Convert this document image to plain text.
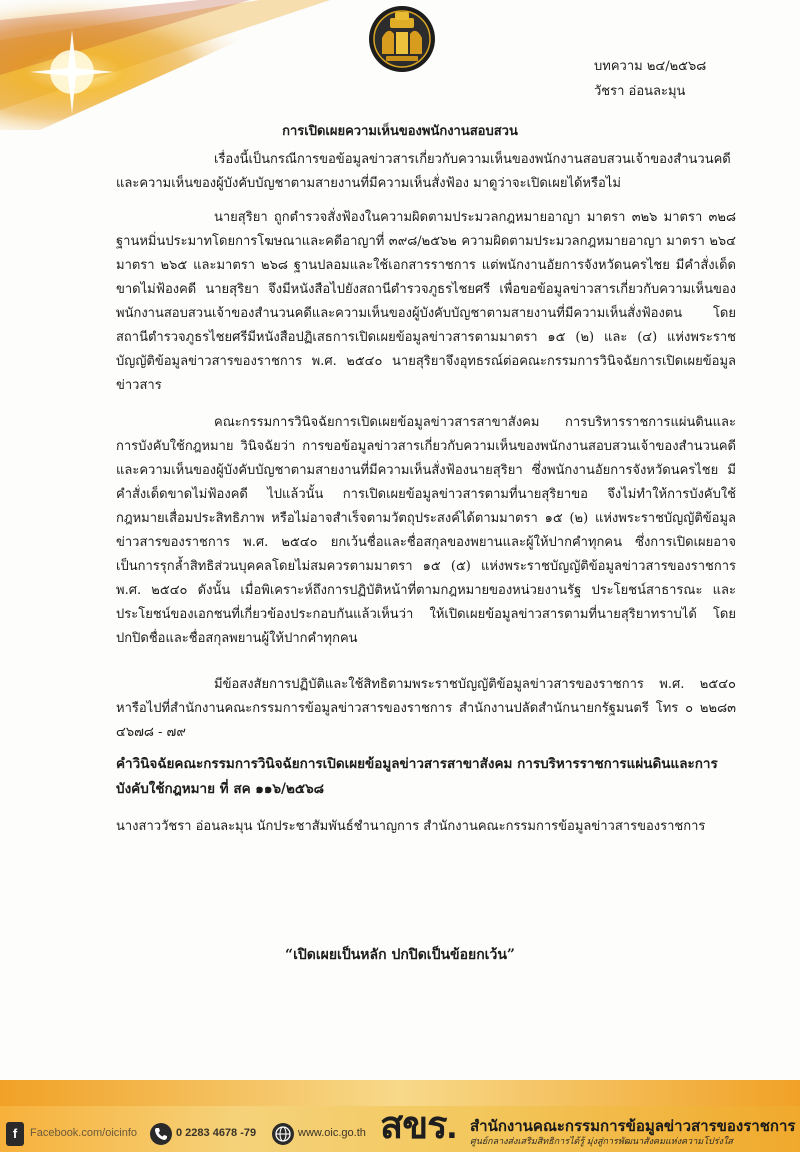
บทความ ๒๔/๒๕๖๘
วัชรา อ่อนละมุน
การเปิดเผยความเห็นของพนักงานสอบสวน

เรื่องนี้เป็นกรณีการขอข้อมูลข่าวสารเกี่ยวกับความเห็นของพนักงานสอบสวนเจ้าของสำนวนคดีและความเห็นของผู้บังคับบัญชาตามสายงานที่มีความเห็นสั่งฟ้อง มาดูว่าจะเปิดเผยได้หรือไม่

นายสุริยา ถูกตำรวจสั่งฟ้องในความผิดตามประมวลกฎหมายอาญา มาตรา ๓๒๖ มาตรา ๓๒๘ ฐานหมิ่นประมาทโดยการโฆษณาและคดีอาญาที่ ๓๙๘/๒๕๖๒ ความผิดตามประมวลกฎหมายอาญา มาตรา ๒๖๔ มาตรา ๒๖๕ และมาตรา ๒๖๘ ฐานปลอมและใช้เอกสารราชการ แต่พนักงานอัยการจังหวัดนครไชย มีคำสั่งเด็ดขาดไม่ฟ้องคดี นายสุริยา จึงมีหนังสือไปยังสถานีตำรวจภูธรไชยศรี เพื่อขอข้อมูลข่าวสารเกี่ยวกับความเห็นของพนักงานสอบสวนเจ้าของสำนวนคดีและความเห็นของผู้บังคับบัญชาตามสายงานที่มีความเห็นสั่งฟ้องตน โดยสถานีตำรวจภูธรไชยศรีมีหนังสือปฏิเสธการเปิดเผยข้อมูลข่าวสารตามมาตรา ๑๕ (๒) และ (๔) แห่งพระราชบัญญัติข้อมูลข่าวสารของราชการ พ.ศ. ๒๕๔๐ นายสุริยาจึงอุทธรณ์ต่อคณะกรรมการวินิจฉัยการเปิดเผยข้อมูลข่าวสาร

คณะกรรมการวินิจฉัยการเปิดเผยข้อมูลข่าวสารสาขาสังคม การบริหารราชการแผ่นดินและการบังคับใช้กฎหมาย วินิจฉัยว่า การขอข้อมูลข่าวสารเกี่ยวกับความเห็นของพนักงานสอบสวนเจ้าของสำนวนคดีและความเห็นของผู้บังคับบัญชาตามสายงานที่มีความเห็นสั่งฟ้องนายสุริยา ซึ่งพนักงานอัยการจังหวัดนครไชย มีคำสั่งเด็ดขาดไม่ฟ้องคดี ไปแล้วนั้น การเปิดเผยข้อมูลข่าวสารตามที่นายสุริยาขอ จึงไม่ทำให้การบังคับใช้กฎหมายเสื่อมประสิทธิภาพ หรือไม่อาจสำเร็จตามวัตถุประสงค์ได้ตามมาตรา ๑๕ (๒) แห่งพระราชบัญญัติข้อมูลข่าวสารของราชการ พ.ศ. ๒๕๔๐ ยกเว้นชื่อและชื่อสกุลของพยานและผู้ให้ปากคำทุกคน ซึ่งการเปิดเผยอาจเป็นการรุกล้ำสิทธิส่วนบุคคลโดยไม่สมควรตามมาตรา ๑๕ (๕) แห่งพระราชบัญญัติข้อมูลข่าวสารของราชการ พ.ศ. ๒๕๔๐ ดังนั้น เมื่อพิเคราะห์ถึงการปฏิบัติหน้าที่ตามกฎหมายของหน่วยงานรัฐ ประโยชน์สาธารณะ และประโยชน์ของเอกชนที่เกี่ยวข้องประกอบกันแล้วเห็นว่า ให้เปิดเผยข้อมูลข่าวสารตามที่นายสุริยาทราบได้ โดยปกปิดชื่อและชื่อสกุลพยานผู้ให้ปากคำทุกคน

มีข้อสงสัยการปฏิบัติและใช้สิทธิตามพระราชบัญญัติข้อมูลข่าวสารของราชการ พ.ศ. ๒๕๔๐ หารือไปที่สำนักงานคณะกรรมการข้อมูลข่าวสารของราชการ สำนักงานปลัดสำนักนายกรัฐมนตรี โทร ๐ ๒๒๘๓ ๔๖๗๘ - ๗๙

คำวินิจฉัยคณะกรรมการวินิจฉัยการเปิดเผยข้อมูลข่าวสารสาขาสังคม การบริหารราชการแผ่นดินและการบังคับใช้กฎหมาย ที่ สค ๑๑๖/๒๕๖๘

นางสาววัชรา อ่อนละมุน นักประชาสัมพันธ์ชำนาญการ สำนักงานคณะกรรมการข้อมูลข่าวสารของราชการ
“เปิดเผยเป็นหลัก ปกปิดเป็นข้อยกเว้น”
f	Facebook.com/oicinfo	0 2283 4678 -79	www.oic.go.th สขร. สำนักงานคณะกรรมการข้อมูลข่าวสารของราชการ
ศูนย์กลางส่งเสริมสิทธิการได้รู้ มุ่งสู่การพัฒนาสังคมแห่งความโปร่งใส
